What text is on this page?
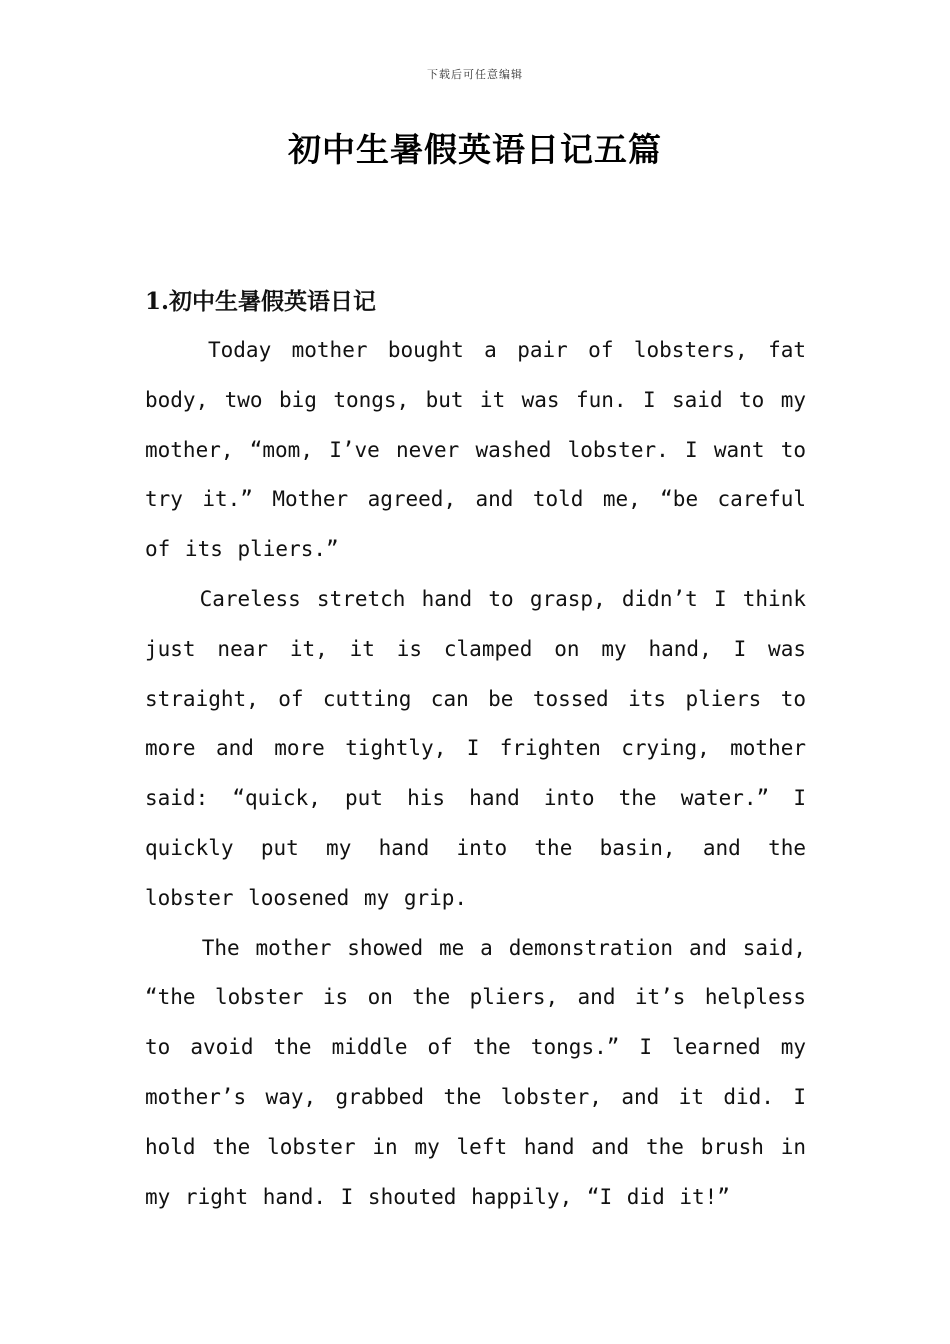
下载后可任意编辑
初中生暑假英语日记五篇
1.初中生暑假英语日记

Today mother bought a pair of lobsters, fat body, two big tongs, but it was fun. I said to my mother, “mom, I’ve never washed lobster. I want to try it.” Mother agreed, and told me, “be careful of its pliers.”

Careless stretch hand to grasp, didn’t I think just near it, it is clamped on my hand, I was straight, of cutting can be tossed its pliers to more and more tightly, I frighten crying, mother said: “quick, put his hand into the water.” I quickly put my hand into the basin, and the lobster loosened my grip.

The mother showed me a demonstration and said, “the lobster is on the pliers, and it’s helpless to avoid the middle of the tongs.” I learned my mother’s way, grabbed the lobster, and it did. I hold the lobster in my left hand and the brush in my right hand. I shouted happily, “I did it!”
